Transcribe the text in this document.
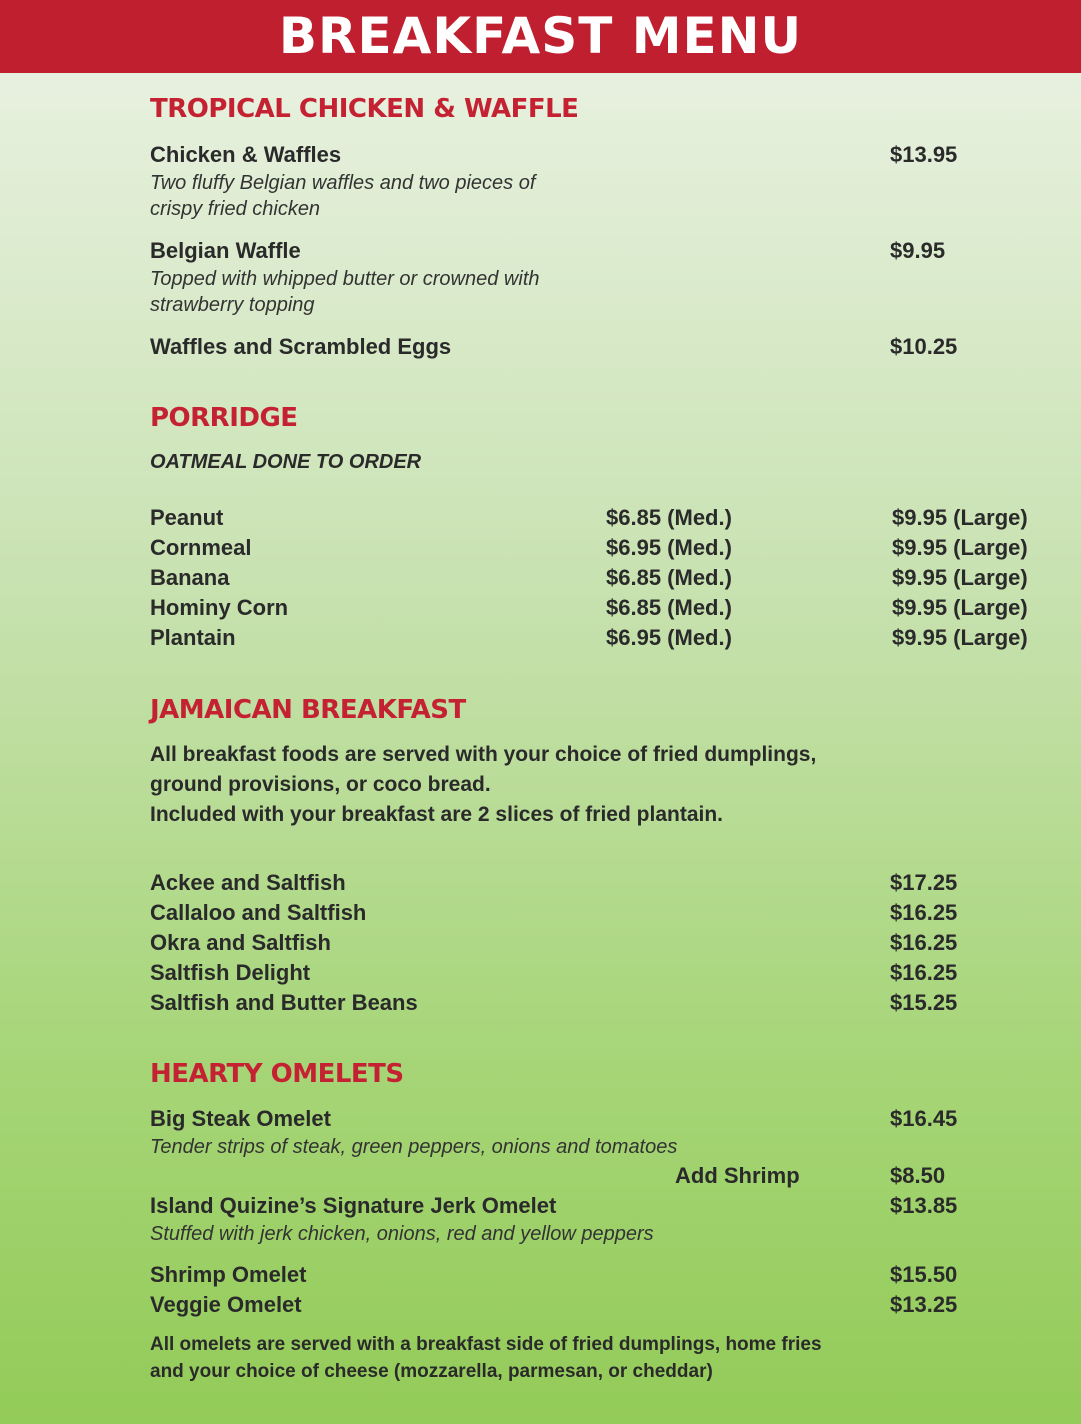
BREAKFAST MENU
TROPICAL CHICKEN & WAFFLE
Chicken & Waffles	$13.95
Two fluffy Belgian waffles and two pieces of
crispy fried chicken
Belgian Waffle	$9.95
Topped with whipped butter or crowned with
strawberry topping
Waffles and Scrambled Eggs	$10.25
PORRIDGE
OATMEAL DONE TO ORDER
Peanut	$6.85 (Med.)	$9.95 (Large)
Cornmeal	$6.95 (Med.)	$9.95 (Large)
Banana	$6.85 (Med.)	$9.95 (Large)
Hominy Corn	$6.85 (Med.)	$9.95 (Large)
Plantain	$6.95 (Med.)	$9.95 (Large)
JAMAICAN BREAKFAST
All breakfast foods are served with your choice of fried dumplings,
ground provisions, or coco bread.
Included with your breakfast are 2 slices of fried plantain.
Ackee and Saltfish	$17.25
Callaloo and Saltfish	$16.25
Okra and Saltfish	$16.25
Saltfish Delight	$16.25
Saltfish and Butter Beans	$15.25
HEARTY OMELETS
Big Steak Omelet	$16.45
Tender strips of steak, green peppers, onions and tomatoes
Add Shrimp	$8.50
Island Quizine’s Signature Jerk Omelet	$13.85
Stuffed with jerk chicken, onions, red and yellow peppers
Shrimp Omelet	$15.50
Veggie Omelet	$13.25
All omelets are served with a breakfast side of fried dumplings, home fries
and your choice of cheese (mozzarella, parmesan, or cheddar)
